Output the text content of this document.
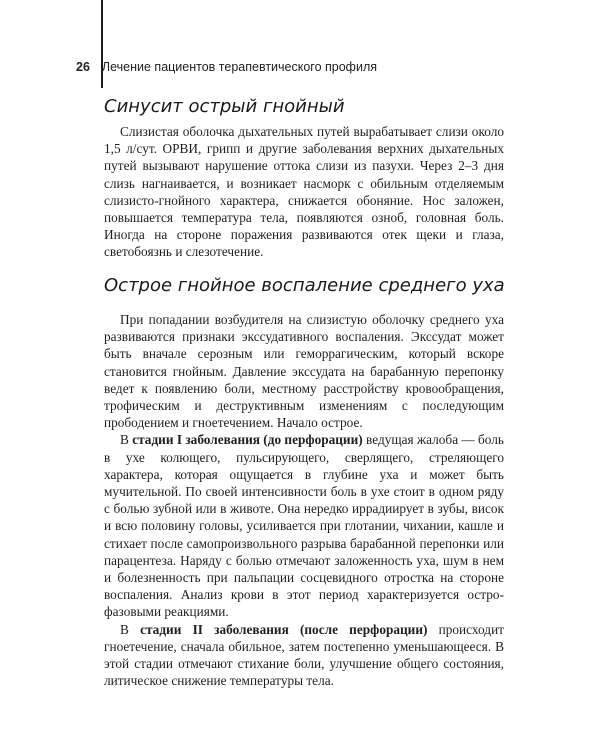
26 Лечение пациентов терапевтического профиля
Синусит острый гнойный

Слизистая оболочка дыхательных путей вырабатывает слизи около 1,5 л/сут. ОРВИ, грипп и другие заболевания верхних дыхательных путей вызывают нарушение оттока слизи из пазухи. Через 2–3 дня слизь нагнаивается, и возникает насморк с обильным отделяемым слизисто-гнойного характера, снижается обоняние. Нос заложен, повышается температура тела, появляются озноб, головная боль. Иногда на стороне поражения развиваются отек щеки и глаза, светобоязнь и слезотечение.

Острое гнойное воспаление среднего уха

При попадании возбудителя на слизистую оболочку среднего уха развиваются признаки экссудативного воспаления. Экссудат может быть вначале серозным или геморрагическим, который вскоре становится гнойным. Давление экссудата на барабанную перепонку ведет к появлению боли, местному расстройству кровообращения, трофическим и деструктивным изменениям с последующим прободением и гноетечением. Начало острое.

В стадии I заболевания (до перфорации) ведущая жалоба — боль в ухе колющего, пульсирующего, сверлящего, стреляющего характера, которая ощущается в глубине уха и может быть мучительной. По своей интенсивности боль в ухе стоит в одном ряду с болью зубной или в животе. Она нередко иррадиирует в зубы, висок и всю половину головы, усиливается при глотании, чихании, кашле и стихает после самопроизвольного разрыва барабанной перепонки или парацентеза. Наряду с болью отмечают заложенность уха, шум в нем и болезненность при пальпации сосцевидного отростка на стороне воспаления. Анализ крови в этот период характеризуется острофазовыми реакциями.

В стадии II заболевания (после перфорации) происходит гноетечение, сначала обильное, затем постепенно уменьшающееся. В этой стадии отмечают стихание боли, улучшение общего состояния, литическое снижение температуры тела.
